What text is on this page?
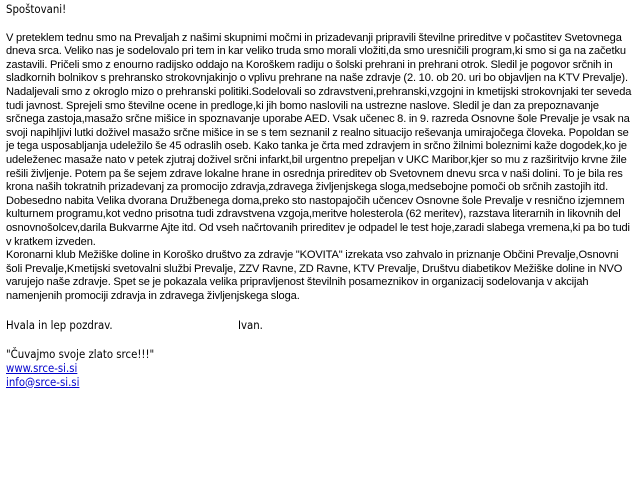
Spoštovani!

V preteklem tednu smo na Prevaljah z našimi skupnimi močmi in prizadevanji pripravili številne prireditve v počastitev Svetovnega dneva srca. Veliko nas je sodelovalo pri tem in kar veliko truda smo morali vložiti,da smo uresničili program,ki smo si ga na začetku zastavili. Pričeli smo z enourno radijsko oddajo na Koroškem radiju o šolski prehrani in prehrani otrok. Sledil je pogovor srčnih in sladkornih bolnikov s prehransko strokovnjakinjo o vplivu prehrane na naše zdravje (2. 10. ob 20. uri bo objavljen na KTV Prevalje).

Nadaljevali smo z okroglo mizo o prehranski politiki.Sodelovali so zdravstveni,prehranski,vzgojni in kmetijski strokovnjaki ter seveda tudi javnost. Sprejeli smo številne ocene in predloge,ki jih bomo naslovili na ustrezne naslove. Sledil je dan za prepoznavanje srčnega zastoja,masažo srčne mišice in spoznavanje uporabe AED. Vsak učenec 8. in 9. razreda Osnovne šole Prevalje je vsak na svoji napihljivi lutki doživel masažo srčne mišice in se s tem seznanil z realno situacijo reševanja umirajočega človeka. Popoldan se je tega usposabljanja udeležilo še 45 odraslih oseb. Kako tanka je črta med zdravjem in srčno žilnimi boleznimi kaže dogodek,ko je udeleženec masaže nato v petek zjutraj doživel srčni infarkt,bil urgentno prepeljan v UKC Maribor,kjer so mu z razširitvijo krvne žile rešili življenje. Potem pa še sejem zdrave lokalne hrane in osrednja prireditev ob Svetovnem dnevu srca v naši dolini. To je bila res krona naših tokratnih prizadevanj za promocijo zdravja,zdravega življenjskega sloga,medsebojne pomoči ob srčnih zastojih itd. Dobesedno nabita Velika dvorana Družbenega doma,preko sto nastopajočih učencev Osnovne šole Prevalje v resnično izjemnem kulturnem programu,kot vedno prisotna tudi zdravstvena vzgoja,meritve holesterola (62 meritev), razstava literarnih in likovnih del osnovnošolcev,darila Bukvarrne Ajte itd. Od vseh načrtovanih prireditev je odpadel le test hoje,zaradi slabega vremena,ki pa bo tudi v kratkem izveden.

Koronarni klub Mežiške doline in Koroško društvo za zdravje "KOVITA" izrekata vso zahvalo in priznanje Občini Prevalje,Osnovni šoli Prevalje,Kmetijski svetovalni službi Prevalje, ZZV Ravne, ZD Ravne, KTV Prevalje, Društvu diabetikov Mežiške doline in NVO varujejo naše zdravje. Spet se je pokazala velika pripravljenost številnih posameznikov in organizacij sodelovanja v akcijah namenjenih promociji zdravja in zdravega življenjskega sloga.

Hvala in lep pozdrav.	Ivan.
"Čuvajmo svoje zlato srce!!!"
www.srce-si.si
info@srce-si.si
